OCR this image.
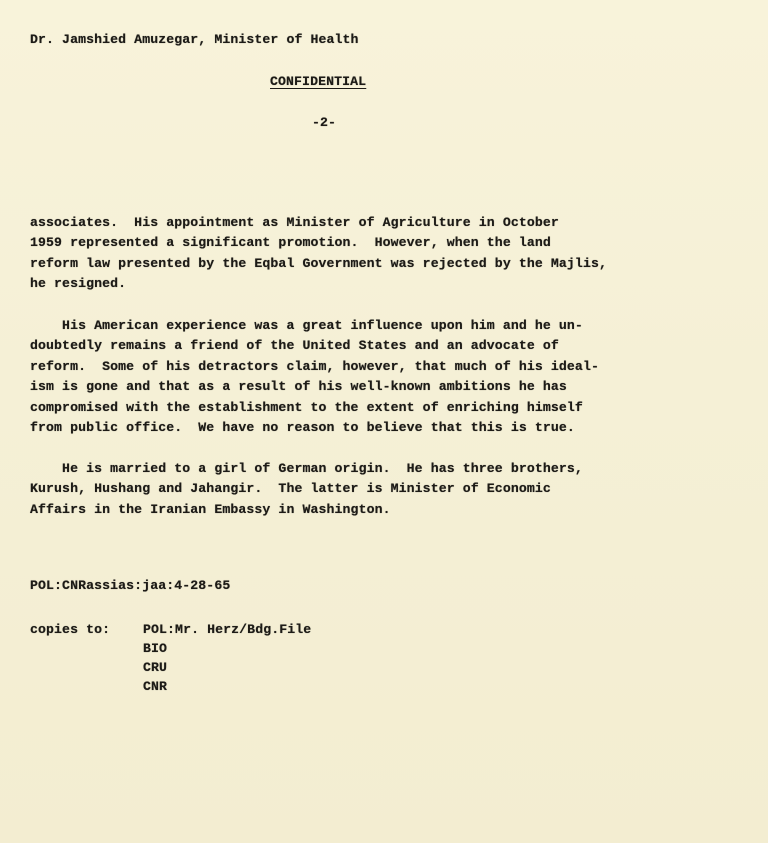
Dr. Jamshied Amuzegar, Minister of Health
CONFIDENTIAL
-2-

associates.  His appointment as Minister of Agriculture in October

1959 represented a significant promotion.  However, when the land

reform law presented by the Eqbal Government was rejected by the Majlis,

he resigned.

His American experience was a great influence upon him and he un-

doubtedly remains a friend of the United States and an advocate of

reform.  Some of his detractors claim, however, that much of his ideal-

ism is gone and that as a result of his well-known ambitions he has

compromised with the establishment to the extent of enriching himself

from public office.  We have no reason to believe that this is true.

He is married to a girl of German origin.  He has three brothers,

Kurush, Hushang and Jahangir.  The latter is Minister of Economic

Affairs in the Iranian Embassy in Washington.

POL:CNRassias:jaa:4-28-65
copies to:	POL:Mr. Herz/Bdg.File
BIO
CRU
CNR
